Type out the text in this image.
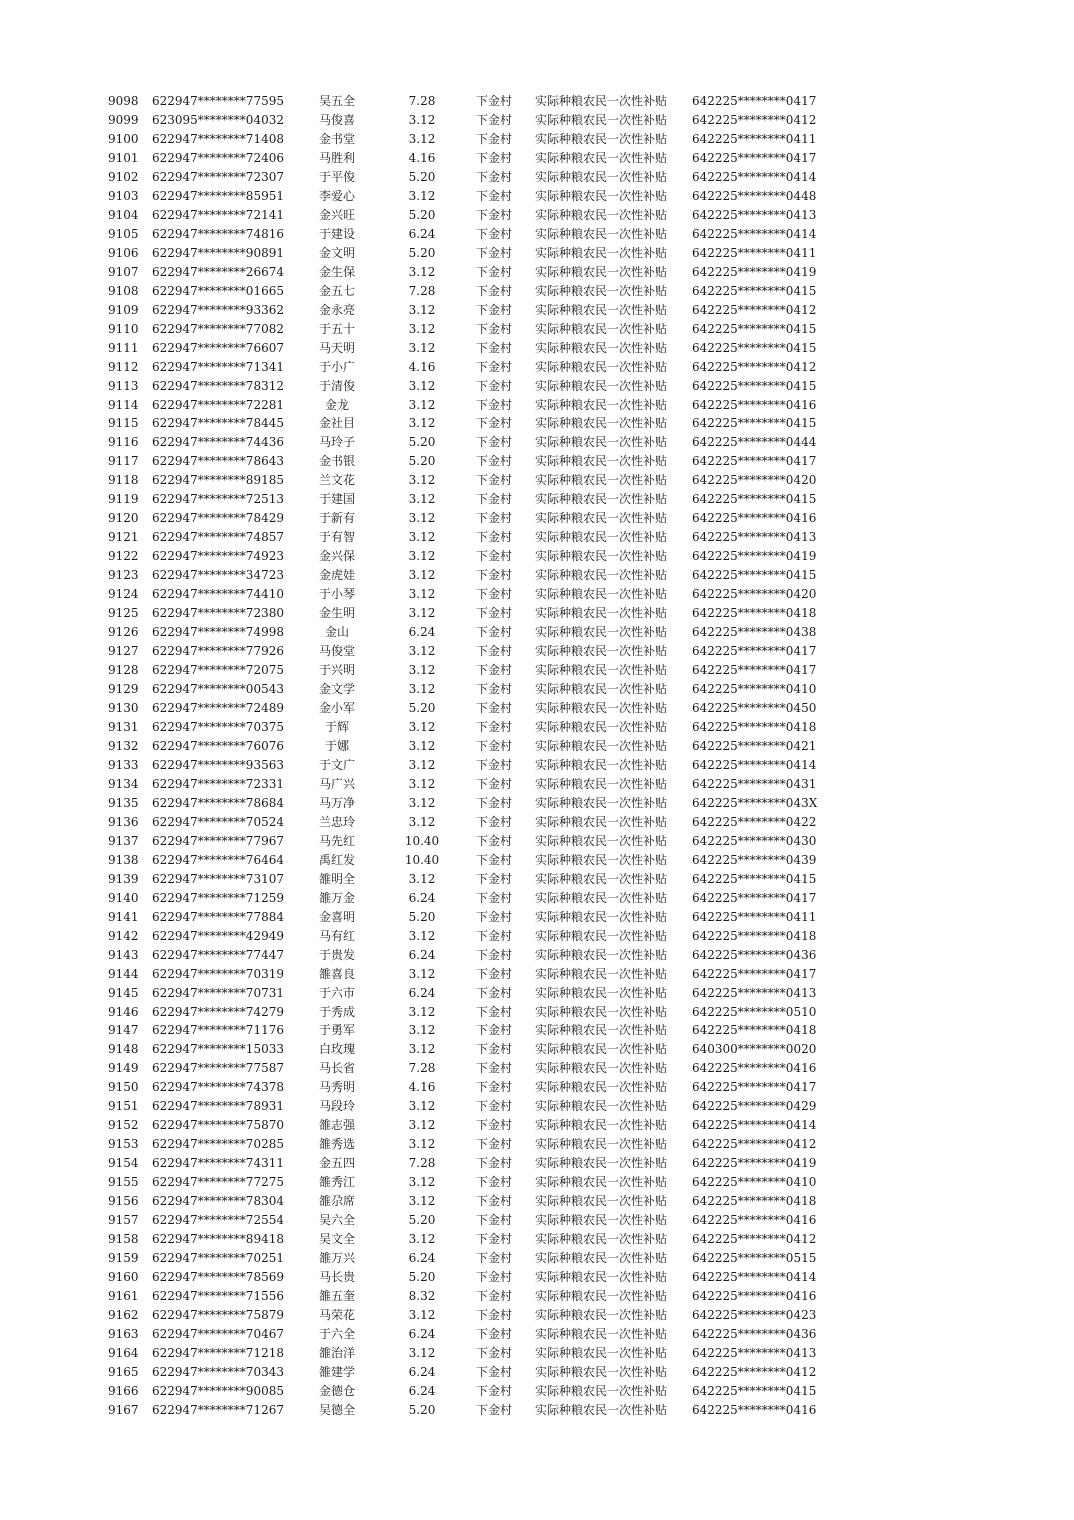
9098 622947********77595	吴五全	7.28	下金村 实际种粮农民一次性补贴 642225********0417
9099 623095********04032	马俊喜	3.12	下金村 实际种粮农民一次性补贴 642225********0412
9100 622947********71408	金书堂	3.12	下金村 实际种粮农民一次性补贴 642225********0411
9101 622947********72406	马胜利	4.16	下金村 实际种粮农民一次性补贴 642225********0417
9102 622947********72307	于平俊	5.20	下金村 实际种粮农民一次性补贴 642225********0414
9103 622947********85951	李爱心	3.12	下金村 实际种粮农民一次性补贴 642225********0448
9104 622947********72141	金兴旺	5.20	下金村 实际种粮农民一次性补贴 642225********0413
9105 622947********74816	于建设	6.24	下金村 实际种粮农民一次性补贴 642225********0414
9106 622947********90891	金文明	5.20	下金村 实际种粮农民一次性补贴 642225********0411
9107 622947********26674	金生保	3.12	下金村 实际种粮农民一次性补贴 642225********0419
9108 622947********01665	金五七	7.28	下金村 实际种粮农民一次性补贴 642225********0415
9109 622947********93362	金永亮	3.12	下金村 实际种粮农民一次性补贴 642225********0412
9110 622947********77082	于五十	3.12	下金村 实际种粮农民一次性补贴 642225********0415
9111 622947********76607	马天明	3.12	下金村 实际种粮农民一次性补贴 642225********0415
9112 622947********71341	于小广	4.16	下金村 实际种粮农民一次性补贴 642225********0412
9113 622947********78312	于清俊	3.12	下金村 实际种粮农民一次性补贴 642225********0415
9114 622947********72281	金龙	3.12	下金村 实际种粮农民一次性补贴 642225********0416
9115 622947********78445	金社目	3.12	下金村 实际种粮农民一次性补贴 642225********0415
9116 622947********74436	马玲子	5.20	下金村 实际种粮农民一次性补贴 642225********0444
9117 622947********78643	金书银	5.20	下金村 实际种粮农民一次性补贴 642225********0417
9118 622947********89185	兰文花	3.12	下金村 实际种粮农民一次性补贴 642225********0420
9119 622947********72513	于建国	3.12	下金村 实际种粮农民一次性补贴 642225********0415
9120 622947********78429	于新有	3.12	下金村 实际种粮农民一次性补贴 642225********0416
9121 622947********74857	于有智	3.12	下金村 实际种粮农民一次性补贴 642225********0413
9122 622947********74923	金兴保	3.12	下金村 实际种粮农民一次性补贴 642225********0419
9123 622947********34723	金虎娃	3.12	下金村 实际种粮农民一次性补贴 642225********0415
9124 622947********74410	于小琴	3.12	下金村 实际种粮农民一次性补贴 642225********0420
9125 622947********72380	金生明	3.12	下金村 实际种粮农民一次性补贴 642225********0418
9126 622947********74998	金山	6.24	下金村 实际种粮农民一次性补贴 642225********0438
9127 622947********77926	马俊堂	3.12	下金村 实际种粮农民一次性补贴 642225********0417
9128 622947********72075	于兴明	3.12	下金村 实际种粮农民一次性补贴 642225********0417
9129 622947********00543	金文学	3.12	下金村 实际种粮农民一次性补贴 642225********0410
9130 622947********72489	金小军	5.20	下金村 实际种粮农民一次性补贴 642225********0450
9131 622947********70375	于辉	3.12	下金村 实际种粮农民一次性补贴 642225********0418
9132 622947********76076	于娜	3.12	下金村 实际种粮农民一次性补贴 642225********0421
9133 622947********93563	于文广	3.12	下金村 实际种粮农民一次性补贴 642225********0414
9134 622947********72331	马广兴	3.12	下金村 实际种粮农民一次性补贴 642225********0431
9135 622947********78684	马万净	3.12	下金村 实际种粮农民一次性补贴 642225********043X
9136 622947********70524	兰忠玲	3.12	下金村 实际种粮农民一次性补贴 642225********0422
9137 622947********77967	马先红	10.40	下金村 实际种粮农民一次性补贴 642225********0430
9138 622947********76464	禹红发	10.40	下金村 实际种粮农民一次性补贴 642225********0439
9139 622947********73107	雒明全	3.12	下金村 实际种粮农民一次性补贴 642225********0415
9140 622947********71259	雒万金	6.24	下金村 实际种粮农民一次性补贴 642225********0417
9141 622947********77884	金喜明	5.20	下金村 实际种粮农民一次性补贴 642225********0411
9142 622947********42949	马有红	3.12	下金村 实际种粮农民一次性补贴 642225********0418
9143 622947********77447	于贵发	6.24	下金村 实际种粮农民一次性补贴 642225********0436
9144 622947********70319	雒喜良	3.12	下金村 实际种粮农民一次性补贴 642225********0417
9145 622947********70731	于六市	6.24	下金村 实际种粮农民一次性补贴 642225********0413
9146 622947********74279	于秀成	3.12	下金村 实际种粮农民一次性补贴 642225********0510
9147 622947********71176	于勇军	3.12	下金村 实际种粮农民一次性补贴 642225********0418
9148 622947********15033	白玫瑰	3.12	下金村 实际种粮农民一次性补贴 640300********0020
9149 622947********77587	马长省	7.28	下金村 实际种粮农民一次性补贴 642225********0416
9150 622947********74378	马秀明	4.16	下金村 实际种粮农民一次性补贴 642225********0417
9151 622947********78931	马段玲	3.12	下金村 实际种粮农民一次性补贴 642225********0429
9152 622947********75870	雒志强	3.12	下金村 实际种粮农民一次性补贴 642225********0414
9153 622947********70285	雒秀选	3.12	下金村 实际种粮农民一次性补贴 642225********0412
9154 622947********74311	金五四	7.28	下金村 实际种粮农民一次性补贴 642225********0419
9155 622947********77275	雒秀江	3.12	下金村 实际种粮农民一次性补贴 642225********0410
9156 622947********78304	雒尕席	3.12	下金村 实际种粮农民一次性补贴 642225********0418
9157 622947********72554	吴六全	5.20	下金村 实际种粮农民一次性补贴 642225********0416
9158 622947********89418	吴文全	3.12	下金村 实际种粮农民一次性补贴 642225********0412
9159 622947********70251	雒万兴	6.24	下金村 实际种粮农民一次性补贴 642225********0515
9160 622947********78569	马长贵	5.20	下金村 实际种粮农民一次性补贴 642225********0414
9161 622947********71556	雒五奎	8.32	下金村 实际种粮农民一次性补贴 642225********0416
9162 622947********75879	马荣花	3.12	下金村 实际种粮农民一次性补贴 642225********0423
9163 622947********70467	于六全	6.24	下金村 实际种粮农民一次性补贴 642225********0436
9164 622947********71218	雒治洋	3.12	下金村 实际种粮农民一次性补贴 642225********0413
9165 622947********70343	雒建学	6.24	下金村 实际种粮农民一次性补贴 642225********0412
9166 622947********90085	金德仓	6.24	下金村 实际种粮农民一次性补贴 642225********0415
9167 622947********71267	吴德全	5.20	下金村 实际种粮农民一次性补贴 642225********0416
